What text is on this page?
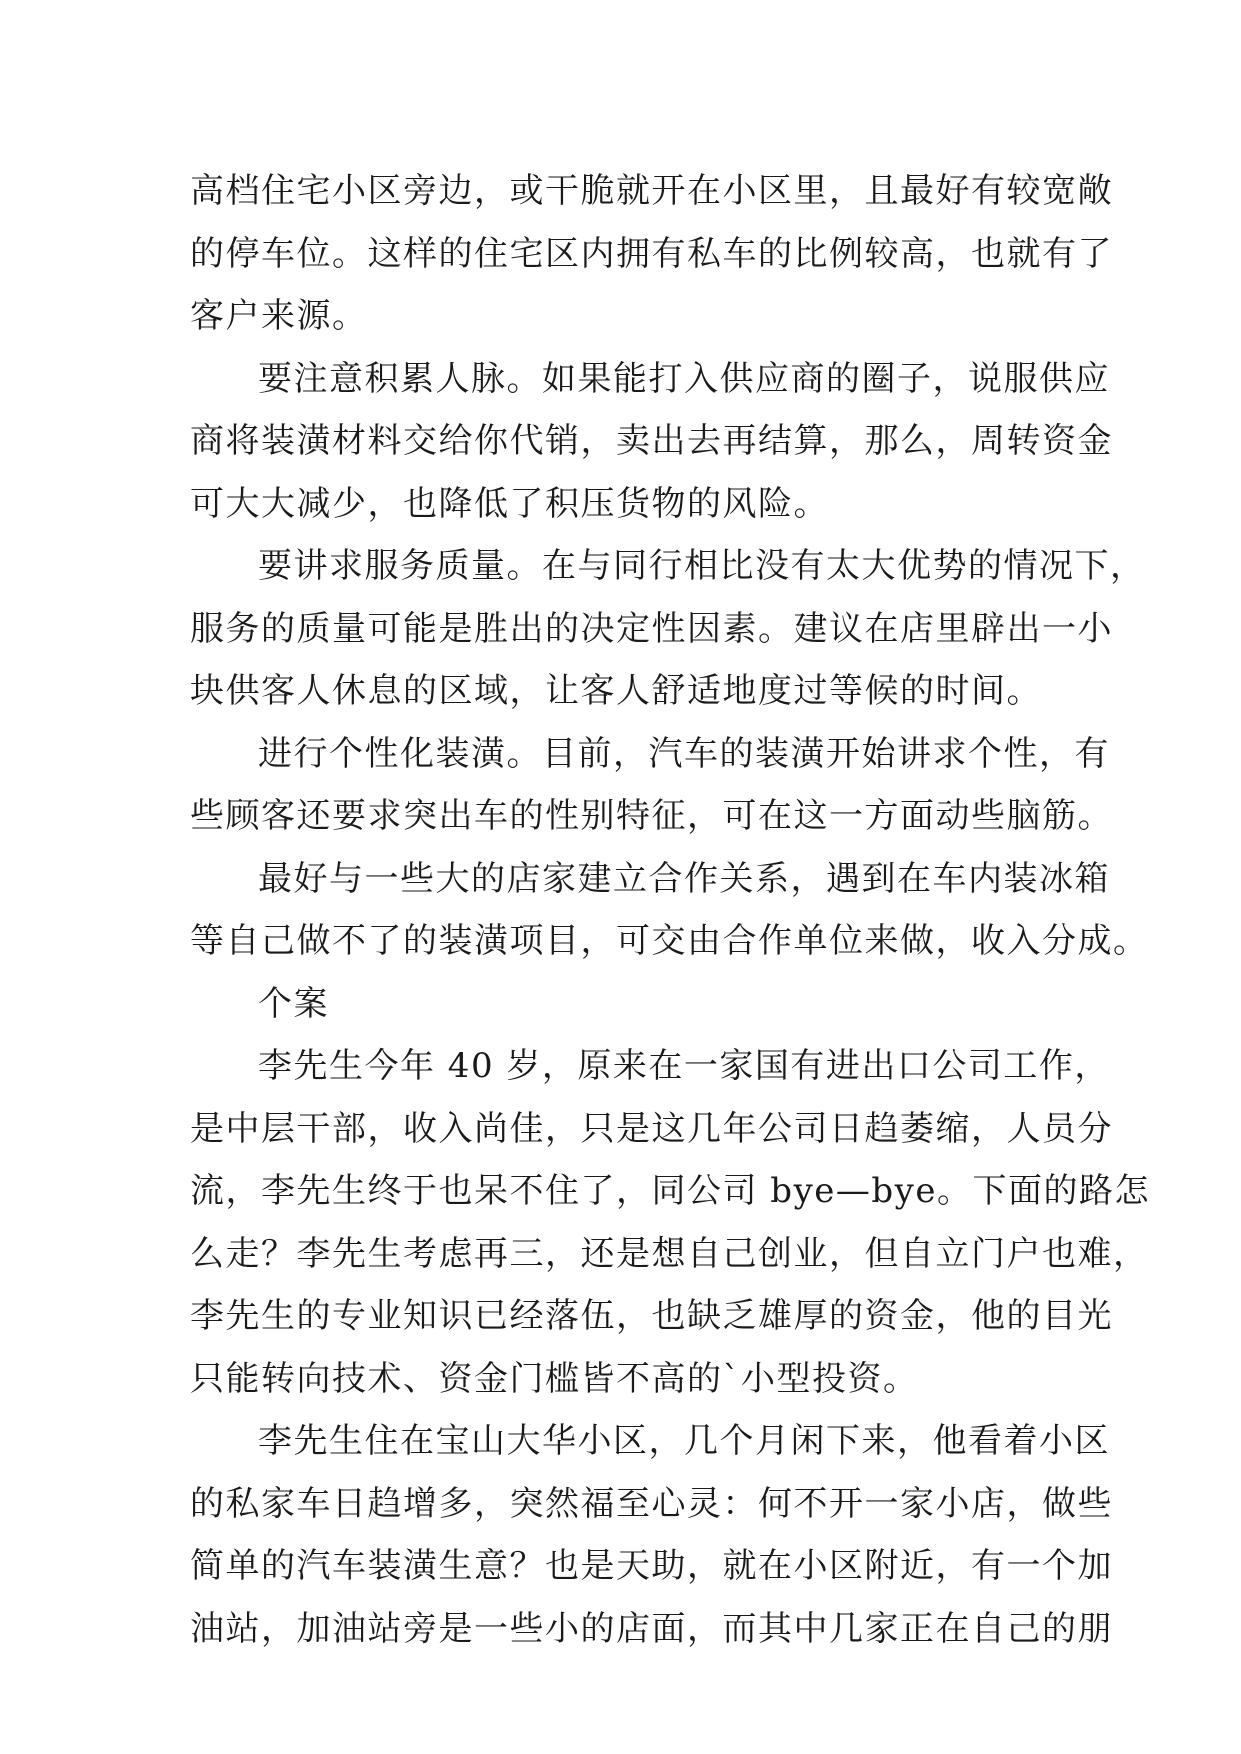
高档住宅小区旁边，或干脆就开在小区里，且最好有较宽敞
的停车位。这样的住宅区内拥有私车的比例较高，也就有了
客户来源。
要注意积累人脉。如果能打入供应商的圈子，说服供应
商将装潢材料交给你代销，卖出去再结算，那么，周转资金
可大大减少，也降低了积压货物的风险。
要讲求服务质量。在与同行相比没有太大优势的情况下，
服务的质量可能是胜出的决定性因素。建议在店里辟出一小
块供客人休息的区域，让客人舒适地度过等候的时间。
进行个性化装潢。目前，汽车的装潢开始讲求个性，有
些顾客还要求突出车的性别特征，可在这一方面动些脑筋。
最好与一些大的店家建立合作关系，遇到在车内装冰箱
等自己做不了的装潢项目，可交由合作单位来做，收入分成。
个案
李先生今年 40 岁，原来在一家国有进出口公司工作，
是中层干部，收入尚佳，只是这几年公司日趋萎缩，人员分
流，李先生终于也呆不住了，同公司 bye—bye。下面的路怎
么走？李先生考虑再三，还是想自己创业，但自立门户也难，
李先生的专业知识已经落伍，也缺乏雄厚的资金，他的目光
只能转向技术、资金门槛皆不高的`小型投资。
李先生住在宝山大华小区，几个月闲下来，他看着小区
的私家车日趋增多，突然福至心灵：何不开一家小店，做些
简单的汽车装潢生意？也是天助，就在小区附近，有一个加
油站，加油站旁是一些小的店面，而其中几家正在自己的朋
